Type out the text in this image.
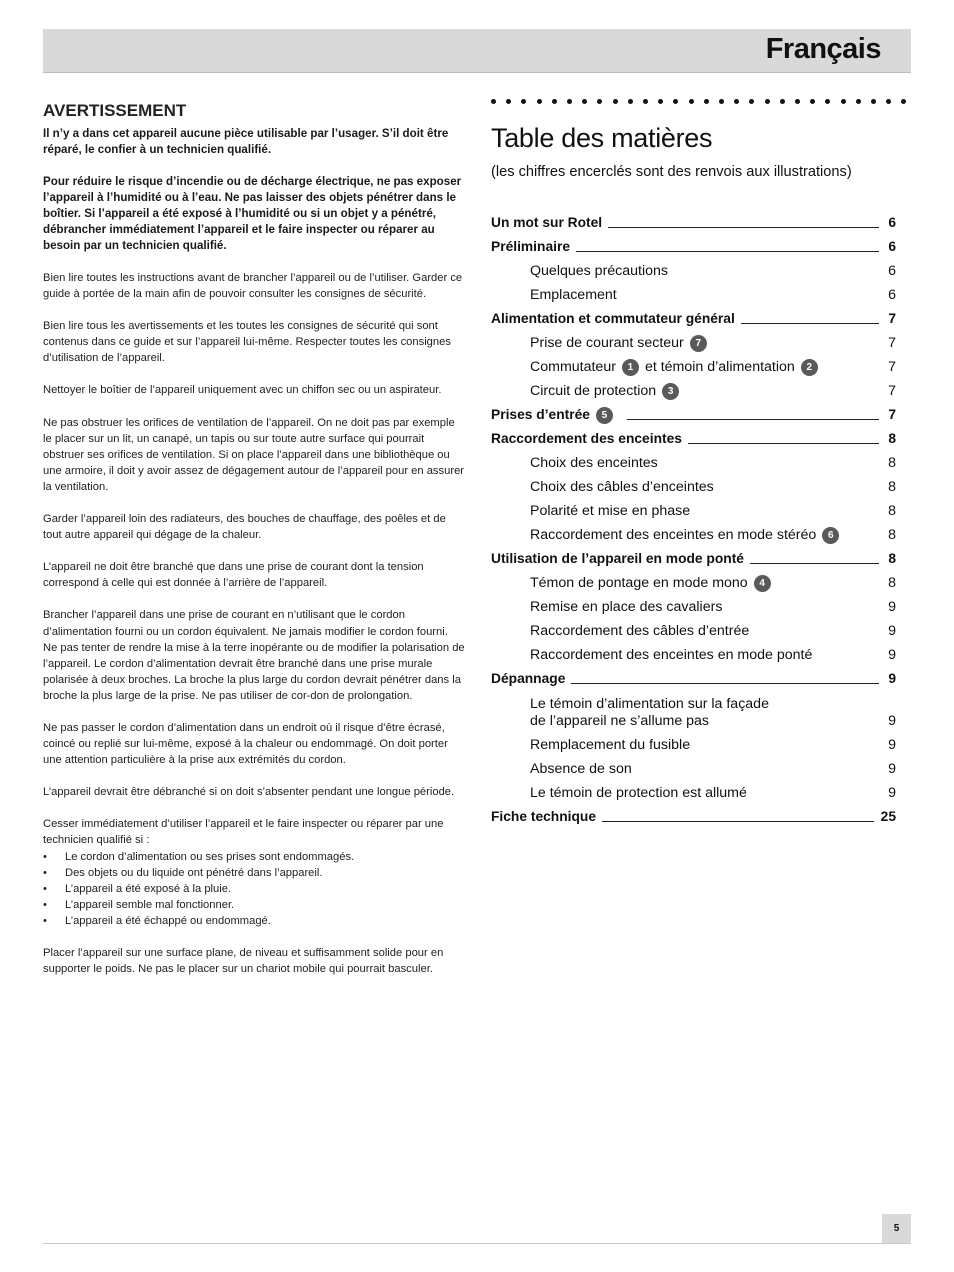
Français
AVERTISSEMENT

Il n’y a dans cet appareil aucune pièce utilisable par l’usager. S’il doit être réparé, le confier à un technicien qualifié.

Pour réduire le risque d’incendie ou de décharge électrique, ne pas exposer l’appareil à l’humidité ou à l’eau. Ne pas laisser des objets pénétrer dans le boîtier. Si l’appareil a été exposé à l’humidité ou si un objet y a pénétré, débrancher immédiatement l’appareil et le faire inspecter ou réparer au besoin par un technicien qualifié.

Bien lire toutes les instructions avant de brancher l’appareil ou de l’utiliser. Garder ce guide à portée de la main afin de pouvoir consulter les consignes de sécurité.

Bien lire tous les avertissements et les toutes les consignes de sécurité qui sont contenus dans ce guide et sur l’appareil lui-même. Respecter toutes les consignes d’utilisation de l’appareil.

Nettoyer le boîtier de l’appareil uniquement avec un chiffon sec ou un aspirateur.

Ne pas obstruer les orifices de ventilation de l’appareil. On ne doit pas par exemple le placer sur un lit, un canapé, un tapis ou sur toute autre surface qui pourrait obstruer ses orifices de ventilation. Si on place l’appareil dans une bibliothèque ou une armoire, il doit y avoir assez de dégagement autour de l’appareil pour en assurer la ventilation.

Garder l’appareil loin des radiateurs, des bouches de chauffage, des poêles et de tout autre appareil qui dégage de la chaleur.

L’appareil ne doit être branché que dans une prise de courant dont la tension correspond à celle qui est donnée à l’arrière de l’appareil.

Brancher l’appareil dans une prise de courant en n’utilisant que le cordon d’alimentation fourni ou un cordon équivalent. Ne jamais modifier le cordon fourni. Ne pas tenter de rendre la mise à la terre inopérante ou de modifier la polarisation de l’appareil. Le cordon d’alimentation devrait être branché dans une prise murale polarisée à deux broches. La broche la plus large du cordon devrait pénétrer dans la broche la plus large de la prise. Ne pas utiliser de cor-don de prolongation.

Ne pas passer le cordon d’alimentation dans un endroit où il risque d’être écrasé, coincé ou replié sur lui-même, exposé à la chaleur ou endommagé. On doit porter une attention particulière à la prise aux extrémités du cordon.

L’appareil devrait être débranché si on doit s’absenter pendant une longue période.

Cesser immédiatement d’utiliser l’appareil et le faire inspecter ou réparer par une technicien qualifié si :

• Le cordon d’alimentation ou ses prises sont endommagés.
• Des objets ou du liquide ont pénétré dans l’appareil.
• L’appareil a été exposé à la pluie.
• L’appareil semble mal fonctionner.
• L’appareil a été échappé ou endommagé.

Placer l’appareil sur une surface plane, de niveau et suffisamment solide pour en supporter le poids. Ne pas le placer sur un chariot mobile qui pourrait basculer.

Table des matières

(les chiffres encerclés sont des renvois aux illustrations)

Un mot sur Rotel	6
Préliminaire	6
Quelques précautions	6
Emplacement	6
Alimentation et commutateur général	7
Prise de courant secteur 7	7
Commutateur 1 et témoin d’alimentation 2	7
Circuit de protection 3	7
Prises d’entrée 5	7
Raccordement des enceintes	8
Choix des enceintes	8
Choix des câbles d’enceintes	8
Polarité et mise en phase	8
Raccordement des enceintes en mode stéréo 6	8
Utilisation de l’appareil en mode ponté	8
Témon de pontage en mode mono 4	8
Remise en place des cavaliers	9
Raccordement des câbles d’entrée	9
Raccordement des enceintes en mode ponté	9
Dépannage	9
Le témoin d’alimentation sur la façade
de l’appareil ne s’allume pas	9
Remplacement du fusible	9
Absence de son	9
Le témoin de protection est allumé	9
Fiche technique	25
5
